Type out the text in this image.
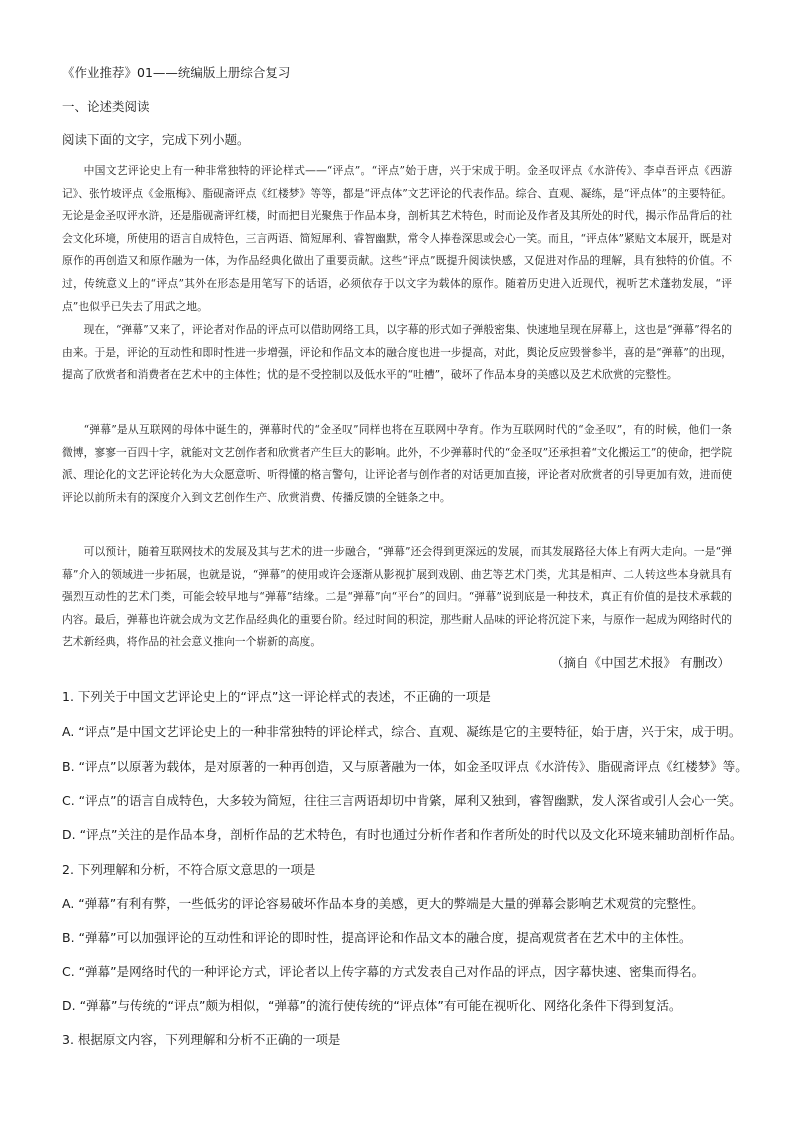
《作业推荐》01——统编版上册综合复习
一、论述类阅读
阅读下面的文字，完成下列小题。

中国文艺评论史上有一种非常独特的评论样式——“评点”。“评点”始于唐，兴于宋成于明。金圣叹评点《水浒传》、李卓吾评点《西游记》、张竹坡评点《金瓶梅》、脂砚斋评点《红楼梦》等等，都是“评点体”文艺评论的代表作品。综合、直观、凝练，是“评点体”的主要特征。无论是金圣叹评水浒，还是脂砚斋评红楼，时而把目光聚焦于作品本身，剖析其艺术特色，时而论及作者及其所处的时代，揭示作品背后的社会文化环境，所使用的语言自成特色，三言两语、简短犀利、睿智幽默，常令人捧卷深思或会心一笑。而且，“评点体”紧贴文本展开，既是对原作的再创造又和原作融为一体，为作品经典化做出了重要贡献。这些“评点”既提升阅读快感，又促进对作品的理解，具有独特的价值。不过，传统意义上的“评点”其外在形态是用笔写下的话语，必须依存于以文字为载体的原作。随着历史进入近现代，视听艺术蓬勃发展，“评点”也似乎已失去了用武之地。

现在，“弹幕”又来了，评论者对作品的评点可以借助网络工具，以字幕的形式如子弹般密集、快速地呈现在屏幕上，这也是“弹幕”得名的由来。于是，评论的互动性和即时性进一步增强，评论和作品文本的融合度也进一步提高，对此，舆论反应毁誉参半，喜的是“弹幕”的出现，提高了欣赏者和消费者在艺术中的主体性；忧的是不受控制以及低水平的“吐槽”，破坏了作品本身的美感以及艺术欣赏的完整性。

“弹幕”是从互联网的母体中诞生的，弹幕时代的“金圣叹”同样也将在互联网中孕育。作为互联网时代的“金圣叹”，有的时候，他们一条微博，寥寥一百四十字，就能对文艺创作者和欣赏者产生巨大的影响。此外，不少弹幕时代的“金圣叹”还承担着“文化搬运工”的使命，把学院派、理论化的文艺评论转化为大众愿意听、听得懂的格言警句，让评论者与创作者的对话更加直接，评论者对欣赏者的引导更加有效，进而使评论以前所未有的深度介入到文艺创作生产、欣赏消费、传播反馈的全链条之中。

可以预计，随着互联网技术的发展及其与艺术的进一步融合，“弹幕”还会得到更深远的发展，而其发展路径大体上有两大走向。一是“弹幕”介入的领域进一步拓展，也就是说，“弹幕”的使用或许会逐渐从影视扩展到戏剧、曲艺等艺术门类，尤其是相声、二人转这些本身就具有强烈互动性的艺术门类，可能会较早地与“弹幕”结缘。二是“弹幕”向“平台”的回归。“弹幕”说到底是一种技术，真正有价值的是技术承载的内容。最后，弹幕也许就会成为文艺作品经典化的重要台阶。经过时间的积淀，那些耐人品味的评论将沉淀下来，与原作一起成为网络时代的艺术新经典，将作品的社会意义推向一个崭新的高度。

（摘自《中国艺术报》 有删改）
1. 下列关于中国文艺评论史上的“评点”这一评论样式的表述，不正确的一项是
A. “评点”是中国文艺评论史上的一种非常独特的评论样式，综合、直观、凝练是它的主要特征，始于唐，兴于宋，成于明。
B. “评点”以原著为载体，是对原著的一种再创造，又与原著融为一体，如金圣叹评点《水浒传》、脂砚斋评点《红楼梦》等。
C. “评点”的语言自成特色，大多较为简短，往往三言两语却切中肯綮，犀利又独到，睿智幽默，发人深省或引人会心一笑。
D. “评点”关注的是作品本身，剖析作品的艺术特色，有时也通过分析作者和作者所处的时代以及文化环境来辅助剖析作品。
2. 下列理解和分析，不符合原文意思的一项是
A. “弹幕”有利有弊，一些低劣的评论容易破坏作品本身的美感，更大的弊端是大量的弹幕会影响艺术观赏的完整性。
B. “弹幕”可以加强评论的互动性和评论的即时性，提高评论和作品文本的融合度，提高观赏者在艺术中的主体性。
C. “弹幕”是网络时代的一种评论方式，评论者以上传字幕的方式发表自己对作品的评点，因字幕快速、密集而得名。
D. “弹幕”与传统的“评点”颇为相似，“弹幕”的流行使传统的“评点体”有可能在视听化、网络化条件下得到复活。
3. 根据原文内容，下列理解和分析不正确的一项是
